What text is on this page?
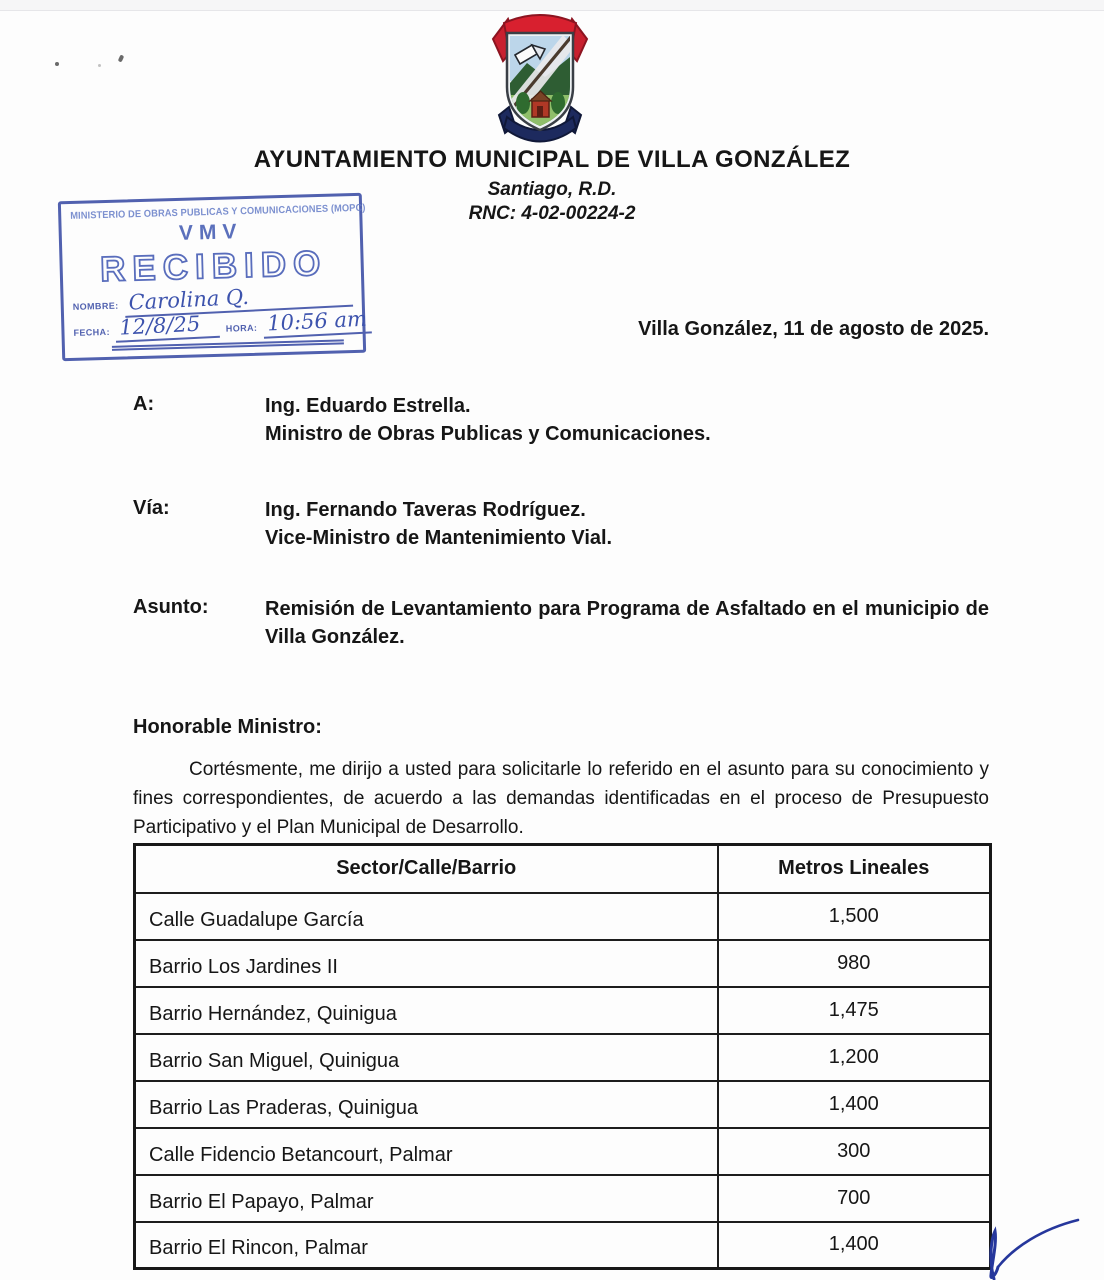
AYUNTAMIENTO MUNICIPAL DE VILLA GONZÁLEZ
Santiago, R.D.
RNC: 4-02-00224-2
MINISTERIO DE OBRAS PUBLICAS Y COMUNICACIONES (MOPC)
VMV
RECIBIDO
NOMBRE: Carolina Q.
FECHA: 12/8/25	HORA: 10:56 am	Villa González, 11 de agosto de 2025.
A:	Ing. Eduardo Estrella.
Ministro de Obras Publicas y Comunicaciones.
Vía:	Ing. Fernando Taveras Rodríguez.
Vice-Ministro de Mantenimiento Vial.
Asunto:	Remisión de Levantamiento para Programa de Asfaltado en el municipio de Villa González.
Honorable Ministro:

Cortésmente, me dirijo a usted para solicitarle lo referido en el asunto para su conocimiento y fines correspondientes, de acuerdo a las demandas identificadas en el proceso de Presupuesto Participativo y el Plan Municipal de Desarrollo.

Sector/Calle/Barrio	Metros Lineales
Calle Guadalupe García	1,500
Barrio Los Jardines II	980
Barrio Hernández, Quinigua	1,475
Barrio San Miguel, Quinigua	1,200
Barrio Las Praderas, Quinigua	1,400
Calle Fidencio Betancourt, Palmar	300
Barrio El Papayo, Palmar	700
Barrio El Rincon, Palmar	1,400
